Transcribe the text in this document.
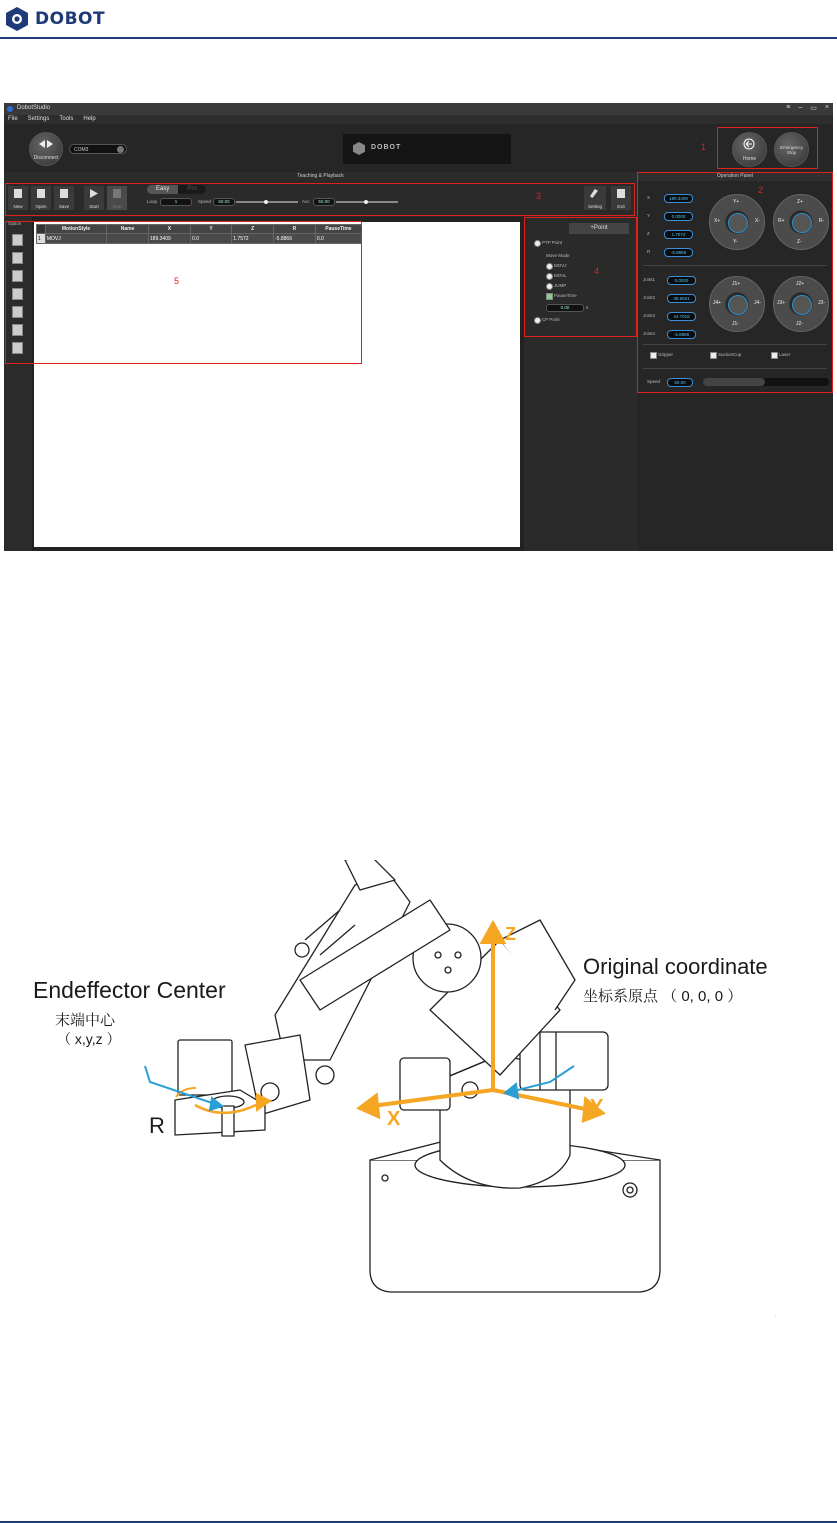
DOBOT
DobotStudio	≡ – ▭ ×
File Settings Tools Help
Disconnect
COM3	DOBOT
Home
Emergency Stop
Teaching & Playback
New	Open	Save	Start	Stop
Easy	Pro
Loop	1	Speed	50.00	Acc	50.00
Setting	Exit
Option
	MotionStyle	Name	X	Y	Z	R	PauseTime
1	MOVJ		189.3409	0.0	1.7572	-5.8866	0.0
+Point
PTP Point
Move Mode
MOVJ
MOVL
JUMP
PauseTime
0.00	s
CP Point
Operation Panel
X	189.3409
Y	0.0000
Z	1.7572
R	-5.8866
Y+
X+	X-
Y-
Z+
R+	R-
Z-
Joint1	0.0000
Joint2	38.6551
Joint3	44.7015
Joint4	-5.8866
J1+
J4+	J4-
J1-
J2+
J3+	J3-
J2-
Gripper	SuctionCup	Laser
Speed	50.00
1
2
3
4
5
Endeffector Center
末端中心
（ x,y,z ）
Original coordinate
坐标系原点 （ 0, 0, 0 ）
Z
X
Y
R
.
